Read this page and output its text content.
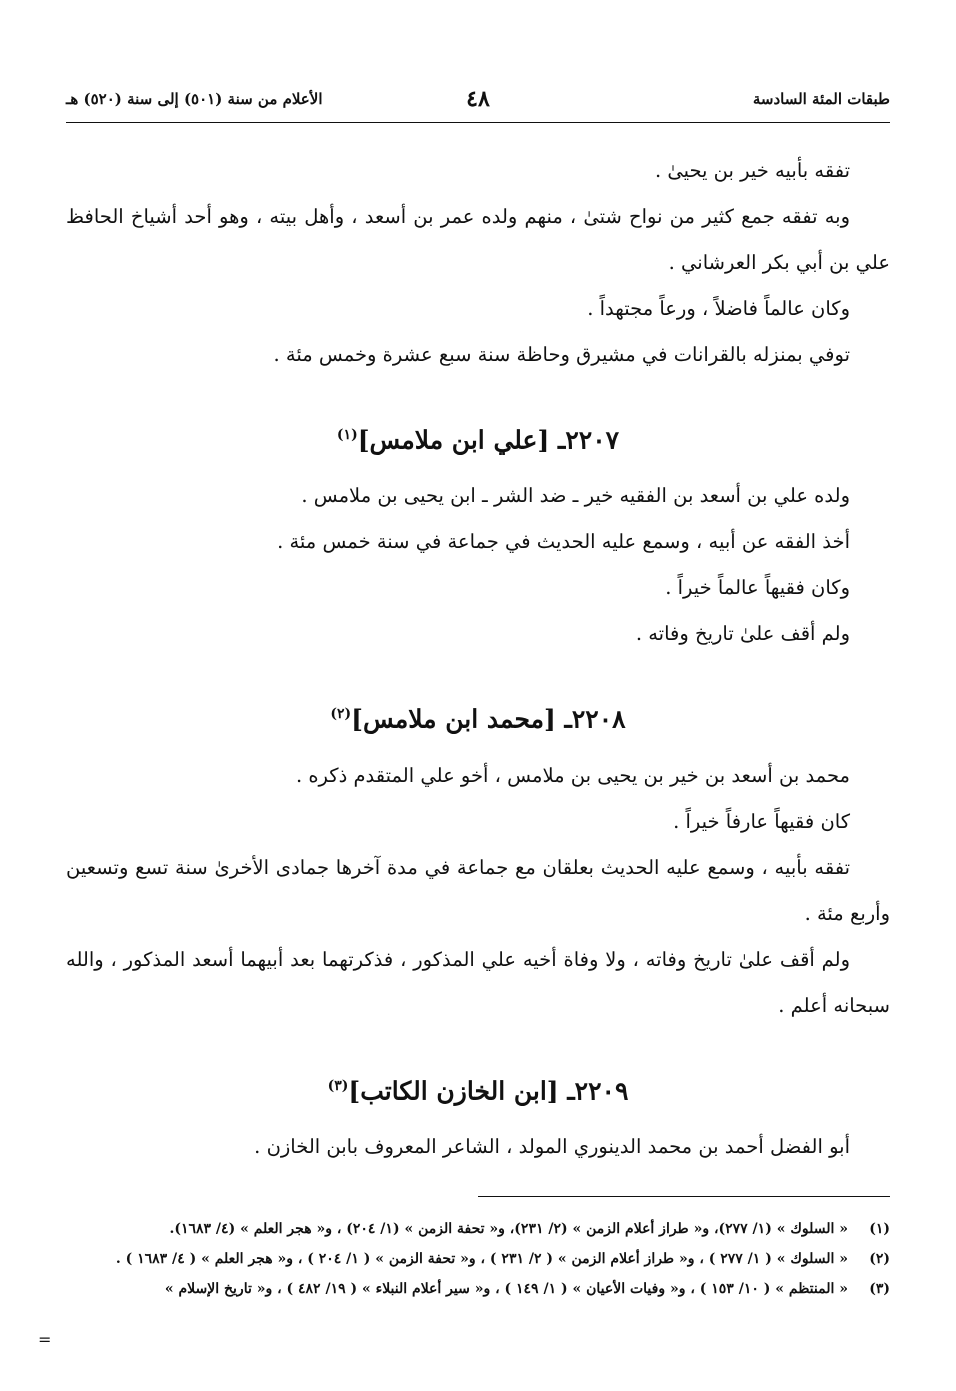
طبقات المئة السادسة
٤٨
الأعلام من سنة (٥٠١) إلى سنة (٥٢٠) هـ

تفقه بأبيه خير بن يحيىٰ .

وبه تفقه جمع كثير من نواح شتىٰ ، منهم ولده عمر بن أسعد ، وأهل بيته ، وهو أحد أشياخ الحافظ علي بن أبي بكر العرشاني .

وكان عالماً فاضلاً ، ورعاً مجتهداً .

توفي بمنزله بالقرانات في مشيرق وحاظة سنة سبع عشرة وخمس مئة .

٢٢٠٧ـ [علي ابن ملامس]$^{(١)}$

ولده علي بن أسعد بن الفقيه خير ـ ضد الشر ـ ابن يحيى بن ملامس .

أخذ الفقه عن أبيه ، وسمع عليه الحديث في جماعة في سنة خمس مئة .

وكان فقيهاً عالماً خيراً .

ولم أقف علىٰ تاريخ وفاته .

٢٢٠٨ـ [محمد ابن ملامس]$^{(٢)}$

محمد بن أسعد بن خير بن يحيى بن ملامس ، أخو علي المتقدم ذكره .

كان فقيهاً عارفاً خيراً .

تفقه بأبيه ، وسمع عليه الحديث بعلقان مع جماعة في مدة آخرها جمادى الأخرىٰ سنة تسع وتسعين وأربع مئة .

ولم أقف علىٰ تاريخ وفاته ، ولا وفاة أخيه علي المذكور ، فذكرتهما بعد أبيهما أسعد المذكور ، والله سبحانه أعلم .

٢٢٠٩ـ [ابن الخازن الكاتب]$^{(٣)}$

أبو الفضل أحمد بن محمد الدينوري المولد ، الشاعر المعروف بابن الخازن .

(١)
« السلوك » (١/ ٢٧٧)، و« طراز أعلام الزمن » (٢/ ٢٣١)، و« تحفة الزمن » (١/ ٢٠٤) ، و« هجر العلم » (٤/ ١٦٨٣).

(٢)
« السلوك » ( ١/ ٢٧٧ ) ، و« طراز أعلام الزمن » ( ٢/ ٢٣١ ) ، و« تحفة الزمن » ( ١/ ٢٠٤ ) ، و« هجر العلم » ( ٤/ ١٦٨٣ ) .

(٣)
« المنتظم » ( ١٠/ ١٥٣ ) ، و« وفيات الأعيان » ( ١/ ١٤٩ ) ، و« سير أعلام النبلاء » ( ١٩/ ٤٨٢ ) ، و« تاريخ الإسلام »

=
